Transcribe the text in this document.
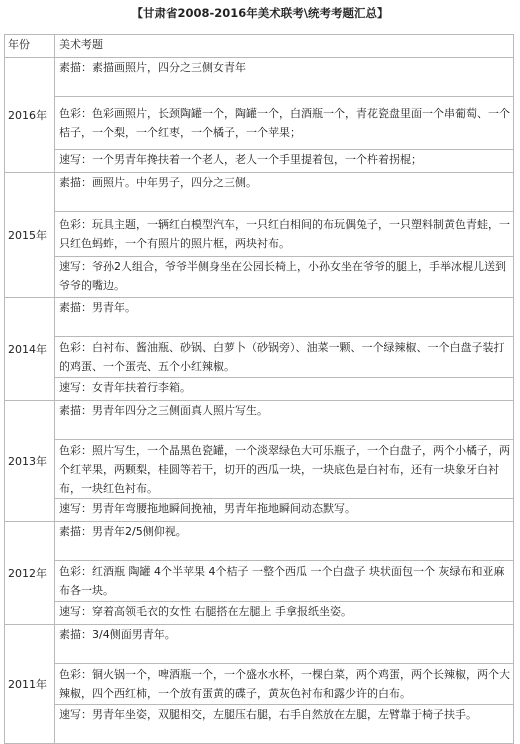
【甘肃省2008-2016年美术联考\统考考题汇总】
年份	美术考题
2016年	素描：素描画照片，四分之三侧女青年
	色彩：色彩画照片，长颈陶罐一个，陶罐一个，白酒瓶一个，青花瓷盘里面一个串葡萄、一个桔子，一个梨，一个红枣，一个橘子，一个苹果；
	速写：一个男青年搀扶着一个老人，老人一个手里提着包，一个杵着拐棍；
2015年	素描：画照片。中年男子，四分之三侧。
	色彩：玩具主题，一辆红白模型汽车，一只红白相间的布玩偶兔子，一只塑料制黄色青蛙，一只红色蚂蚱，一个有照片的照片框，两块衬布。
	速写：爷孙2人组合，爷爷半侧身坐在公园长椅上，小孙女坐在爷爷的腿上，手举冰棍儿送到爷爷的嘴边。
2014年	素描：男青年。
	色彩：白衬布、酱油瓶、砂锅、白萝卜（砂锅旁）、油菜一颗、一个绿辣椒、一个白盘子装打的鸡蛋、一个蛋壳、五个小红辣椒。
	速写：女青年扶着行李箱。
2013年	素描：男青年四分之三侧面真人照片写生。
	色彩：照片写生，一个晶黑色瓷罐，一个淡翠绿色大可乐瓶子，一个白盘子，两个小橘子，两个红苹果，两颗梨，桂圆等若干，切开的西瓜一块，一块底色是白衬布，还有一块象牙白衬布，一块红色衬布。
	速写：男青年弯腰拖地瞬间挽袖，男青年拖地瞬间动态默写。
2012年	素描：男青年2/5侧仰视。
	色彩：红酒瓶 陶罐 4个半苹果 4个桔子 一整个西瓜 一个白盘子 块状面包一个 灰绿布和亚麻布各一块。
	速写：穿着高领毛衣的女性 右腿搭在左腿上 手拿报纸坐姿。
2011年	素描：3/4侧面男青年。
	色彩：铜火锅一个，啤酒瓶一个，一个盛水水杯，一棵白菜，两个鸡蛋，两个长辣椒，两个大辣椒，四个西红柿，一个放有蛋黄的碟子，黄灰色衬布和露少许的白布。
	速写：男青年坐姿，双腿相交，左腿压右腿，右手自然放在左腿，左臂靠于椅子扶手。
